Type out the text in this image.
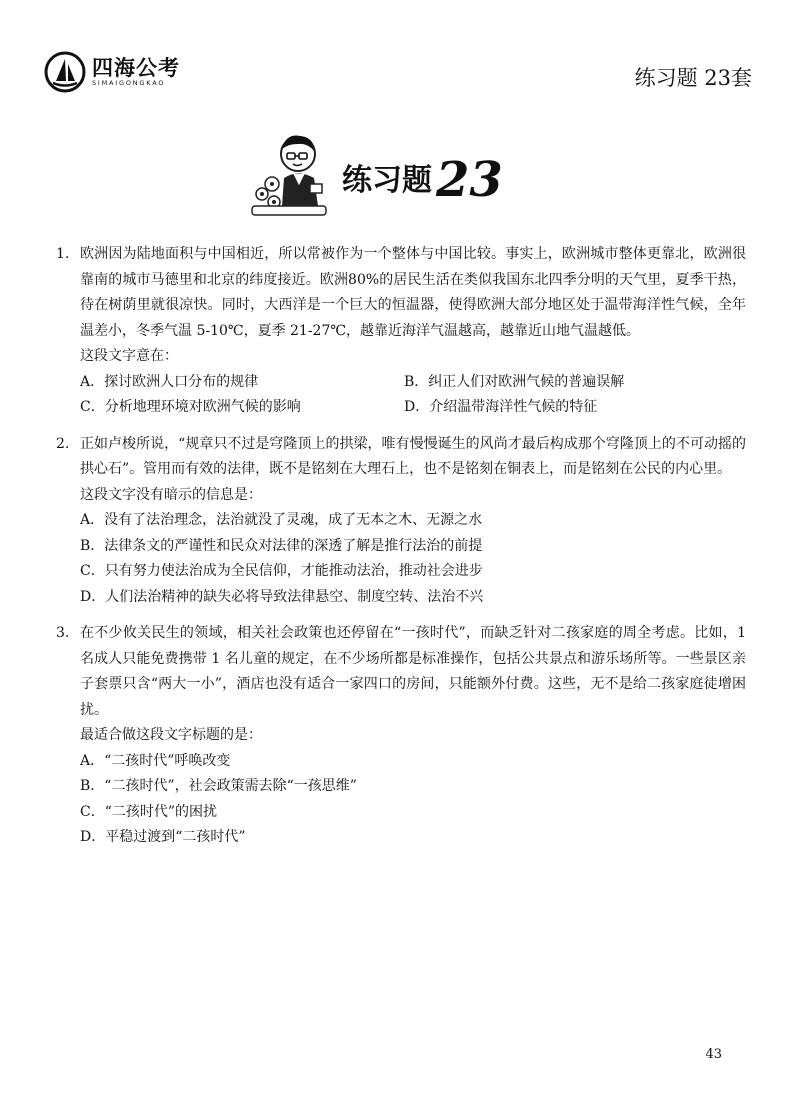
四海公考
SIMAIGONGKAO	练习题 23套
练习题23
1. 欧洲因为陆地面积与中国相近，所以常被作为一个整体与中国比较。事实上，欧洲城市整体更靠北，欧洲很靠南的城市马德里和北京的纬度接近。欧洲80%的居民生活在类似我国东北四季分明的天气里，夏季干热，待在树荫里就很凉快。同时，大西洋是一个巨大的恒温器，使得欧洲大部分地区处于温带海洋性气候，全年温差小，冬季气温 5-10℃，夏季 21-27℃，越靠近海洋气温越高，越靠近山地气温越低。
这段文字意在：
A．探讨欧洲人口分布的规律	B．纠正人们对欧洲气候的普遍误解
C．分析地理环境对欧洲气候的影响	D．介绍温带海洋性气候的特征
2. 正如卢梭所说，“规章只不过是穹隆顶上的拱梁，唯有慢慢诞生的风尚才最后构成那个穹隆顶上的不可动摇的拱心石”。管用而有效的法律，既不是铭刻在大理石上，也不是铭刻在铜表上，而是铭刻在公民的内心里。
这段文字没有暗示的信息是：
A．没有了法治理念，法治就没了灵魂，成了无本之木、无源之水
B．法律条文的严谨性和民众对法律的深透了解是推行法治的前提
C．只有努力使法治成为全民信仰，才能推动法治，推动社会进步
D．人们法治精神的缺失必将导致法律悬空、制度空转、法治不兴
3. 在不少攸关民生的领域，相关社会政策也还停留在“一孩时代”，而缺乏针对二孩家庭的周全考虑。比如，1 名成人只能免费携带 1 名儿童的规定，在不少场所都是标准操作，包括公共景点和游乐场所等。一些景区亲子套票只含“两大一小”，酒店也没有适合一家四口的房间，只能额外付费。这些，无不是给二孩家庭徒增困扰。
最适合做这段文字标题的是：
A．“二孩时代”呼唤改变
B．“二孩时代”，社会政策需去除“一孩思维”
C．“二孩时代”的困扰
D．平稳过渡到“二孩时代”
43
